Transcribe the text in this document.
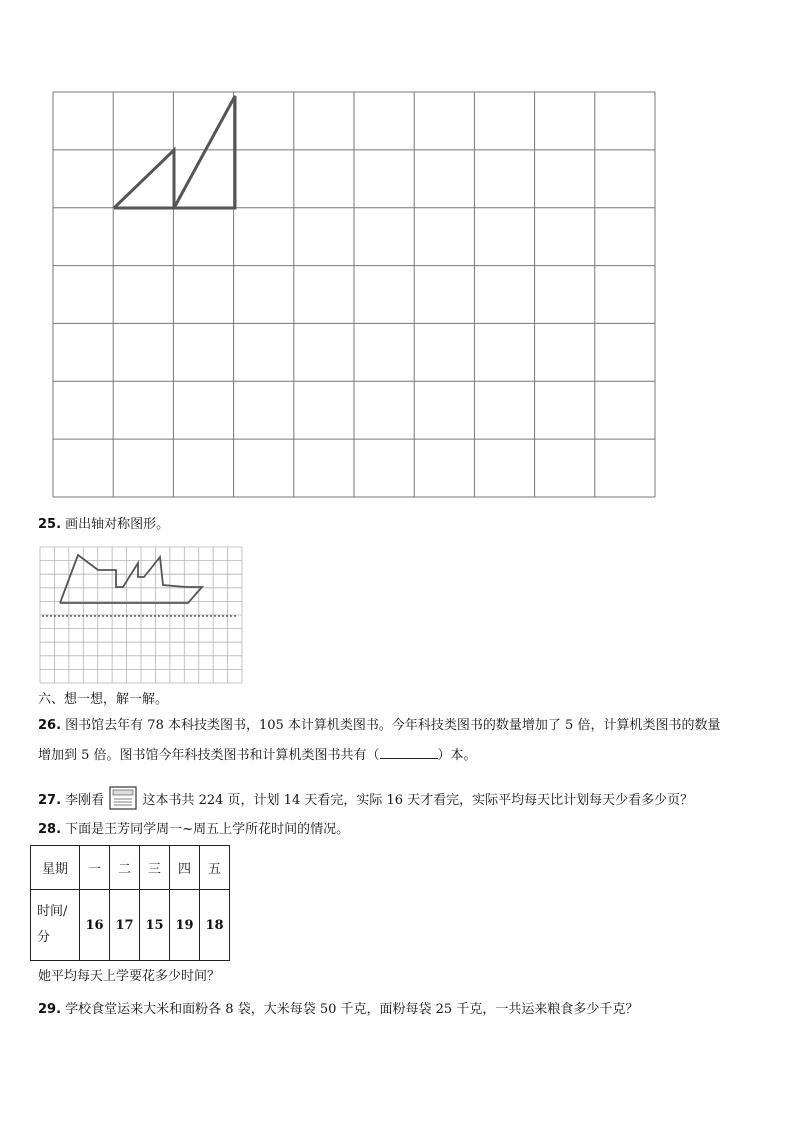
25. 画出轴对称图形。
六、想一想，解一解。
26. 图书馆去年有 78 本科技类图书，105 本计算机类图书。今年科技类图书的数量增加了 5 倍，计算机类图书的数量
增加到 5 倍。图书馆今年科技类图书和计算机类图书共有（	）本。
27. 李刚看	这本书共 224 页，计划 14 天看完，实际 16 天才看完，实际平均每天比计划每天少看多少页？
28. 下面是王芳同学周一~周五上学所花时间的情况。
星期	一	二	三	四	五
时间/
分	16	17	15	19	18
她平均每天上学要花多少时间？
29. 学校食堂运来大米和面粉各 8 袋，大米每袋 50 千克，面粉每袋 25 千克，一共运来粮食多少千克？
